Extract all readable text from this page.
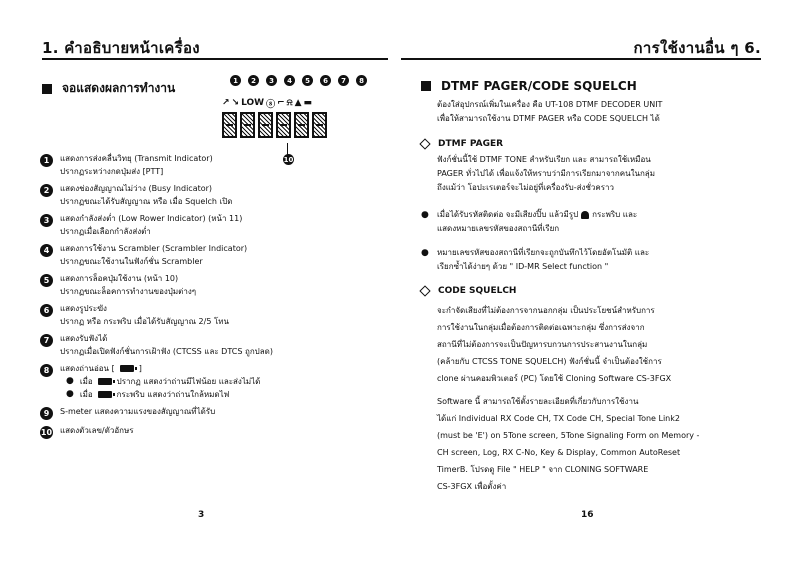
1. คำอธิบายหน้าเครื่อง
จอแสดงผลการทำงาน
1	2	3	4	5	6	7	8
↗ ↘ LOW ⓢ ⌐ ⍾ ▲ ▬
10
1	แสดงการส่งคลื่นวิทยุ (Transmit Indicator)
ปรากฏระหว่างกดปุ่มส่ง [PTT]
2	แสดงช่องสัญญาณไม่ว่าง (Busy Indicator)
ปรากฏขณะได้รับสัญญาณ หรือ เมื่อ Squelch เปิด
3	แสดงกำลังส่งต่ำ (Low Rower Indicator) (หน้า 11)
ปรากฏเมื่อเลือกกำลังส่งต่ำ
4	แสดงการใช้งาน Scrambler (Scrambler Indicator)
ปรากฏขณะใช้งานในฟังก์ชั่น Scrambler
5	แสดงการล็อคปุ่มใช้งาน (หน้า 10)
ปรากฏขณะล็อคการทำงานของปุ่มต่างๆ
6	แสดงรูประฆัง
ปรากฏ หรือ กระพริบ เมื่อได้รับสัญญาณ 2/5 โทน
7	แสดงรับฟังได้
ปรากฏเมื่อเปิดฟังก์ชั่นการเฝ้าฟัง (CTCSS และ DTCS ถูกปลด)
8	แสดงถ่านอ่อน [	]
● เมื่อ	ปรากฏ แสดงว่าถ่านมีไฟน้อย และส่งไม่ได้
● เมื่อ	กระพริบ แสดงว่าถ่านใกล้หมดไฟ
9	S-meter แสดงความแรงของสัญญาณที่ได้รับ
10 แสดงตัวเลข/ตัวอักษร
3
การใช้งานอื่น ๆ 6.
DTMF PAGER/CODE SQUELCH
ต้องใส่อุปกรณ์เพิ่มในเครื่อง คือ UT-108 DTMF DECODER UNIT
เพื่อให้สามารถใช้งาน DTMF PAGER หรือ CODE SQUELCH ได้
DTMF PAGER
ฟังก์ชั่นนี้ใช้ DTMF TONE สำหรับเรียก และ สามารถใช้เหมือน
PAGER ทั่วไปได้ เพื่อแจ้งให้ทราบว่ามีการเรียกมาจากคนในกลุ่ม
ถึงแม้ว่า โอปะเรเตอร์จะไม่อยู่ที่เครื่องรับ-ส่งชั่วคราว
●	เมื่อได้รับรหัสติดต่อ จะมีเสียงปิ๊บ แล้วมีรูป กระพริบ และ
แสดงหมายเลขรหัสของสถานีที่เรียก
●	หมายเลขรหัสของสถานีที่เรียกจะถูกบันทึกไว้โดยอัตโนมัติ และ
เรียกซ้ำได้ง่ายๆ ด้วย " ID-MR Select function "
CODE SQUELCH
จะกำจัดเสียงที่ไม่ต้องการจากนอกกลุ่ม เป็นประโยชน์สำหรับการ
การใช้งานในกลุ่มเมื่อต้องการติดต่อเฉพาะกลุ่ม ซึ่งการส่งจาก
สถานีที่ไม่ต้องการจะเป็นปัญหารบกวนการประสานงานในกลุ่ม
(คล้ายกับ CTCSS TONE SQUELCH) ฟังก์ชั่นนี้ จำเป็นต้องใช้การ
clone ผ่านคอมพิวเตอร์ (PC) โดยใช้ Cloning Software CS-3FGX
Software นี้ สามารถใช้ตั้งรายละเอียดที่เกี่ยวกับการใช้งาน
ได้แก่ Individual RX Code CH, TX Code CH, Special Tone Link2
(must be 'E') on 5Tone screen, 5Tone Signaling Form on Memory -
CH screen, Log, RX C-No, Key & Display, Common AutoReset
TimerB. โปรดดู File " HELP " จาก CLONING SOFTWARE
CS-3FGX เพื่อตั้งค่า
16
